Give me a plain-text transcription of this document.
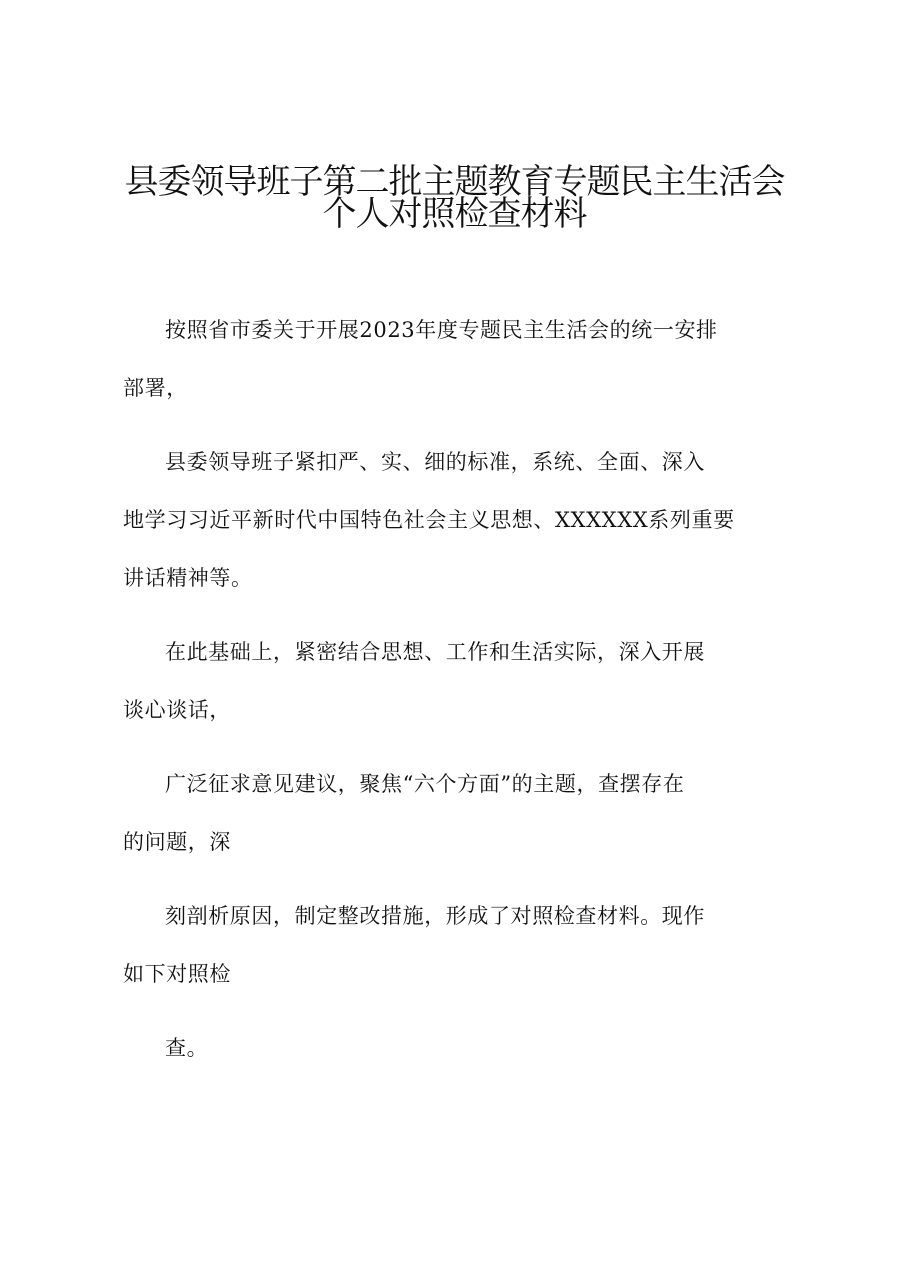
县委领导班子第二批主题教育专题民主生活会
个人对照检查材料
按照省市委关于开展2023年度专题民主生活会的统一安排
部署，
县委领导班子紧扣严、实、细的标准，系统、全面、深入
地学习习近平新时代中国特色社会主义思想、XXXXXX系列重要
讲话精神等。
在此基础上，紧密结合思想、工作和生活实际，深入开展
谈心谈话，
广泛征求意见建议，聚焦“六个方面”的主题，查摆存在
的问题，深
刻剖析原因，制定整改措施，形成了对照检查材料。现作
如下对照检
查。
